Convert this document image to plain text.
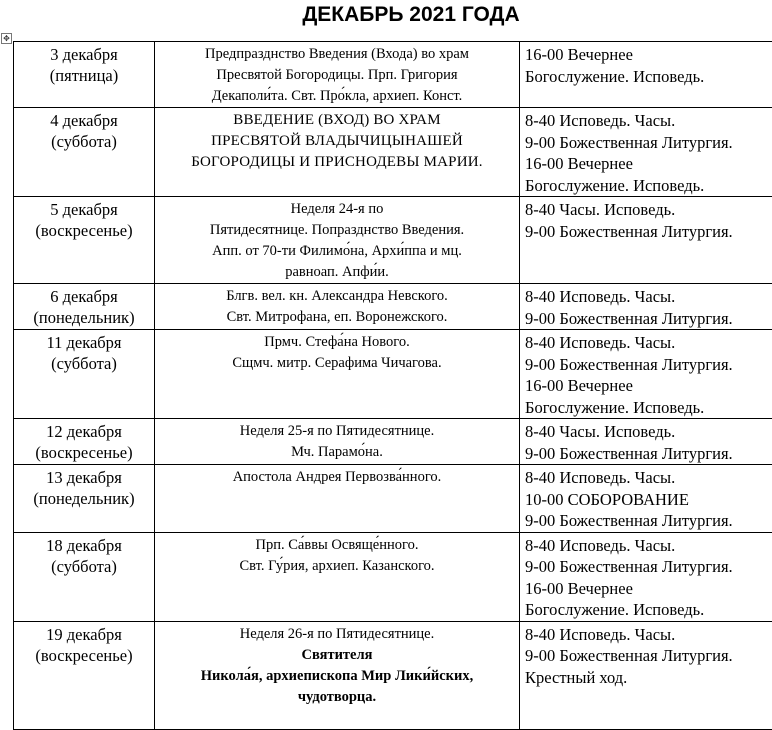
ДЕКАБРЬ 2021 ГОДА
✥
3 декабря
(пятница)	Предпразднство Введения (Входа) во храм
Пресвятой Богородицы. Прп. Григория
Декаполи́та. Свт. Про́кла, архиеп. Конст.	16-00 Вечернее
Богослужение. Исповедь.

4 декабря
(суббота)	ВВЕДЕНИЕ (ВХОД) ВО ХРАМ
ПРЕСВЯТОЙ ВЛАДЫЧИЦЫНАШЕЙ
БОГОРОДИЦЫ И ПРИСНОДЕВЫ МАРИИ.	8-40 Исповедь. Часы.
9-00 Божественная Литургия.
16-00 Вечернее
Богослужение. Исповедь.

5 декабря
(воскресенье)	Неделя 24-я по
Пятидесятнице. Попразднство Введения.
Апп. от 70-ти Филимо́на, Архи́ппа и мц.
равноап. Апфи́и.	8-40 Часы. Исповедь.
9-00 Божественная Литургия.

6 декабря
(понедельник)	Блгв. вел. кн. Александра Невского.
Свт. Митрофана, еп. Воронежского.	8-40 Исповедь. Часы.
9-00 Божественная Литургия.

11 декабря
(суббота)	Прмч. Стефа́на Нового.
Сщмч. митр. Серафима Чичагова.	8-40 Исповедь. Часы.
9-00 Божественная Литургия.
16-00 Вечернее
Богослужение. Исповедь.

12 декабря
(воскресенье)	Неделя 25-я по Пятидесятнице.
Мч. Парамо́на.	8-40 Часы. Исповедь.
9-00 Божественная Литургия.

13 декабря
(понедельник)	Апостола Андрея Первозва́нного.	8-40 Исповедь. Часы.
10-00 СОБОРОВАНИЕ
9-00 Божественная Литургия.

18 декабря
(суббота)	Прп. Са́ввы Освяще́нного.
Свт. Гу́рия, архиеп. Казанского.	8-40 Исповедь. Часы.
9-00 Божественная Литургия.
16-00 Вечернее
Богослужение. Исповедь.

19 декабря
(воскресенье)	Неделя 26-я по Пятидесятнице.
Святителя
Никола́я, архиепископа Мир Лики́йских,
чудотворца.	8-40 Исповедь. Часы.
9-00 Божественная Литургия.
Крестный ход.
